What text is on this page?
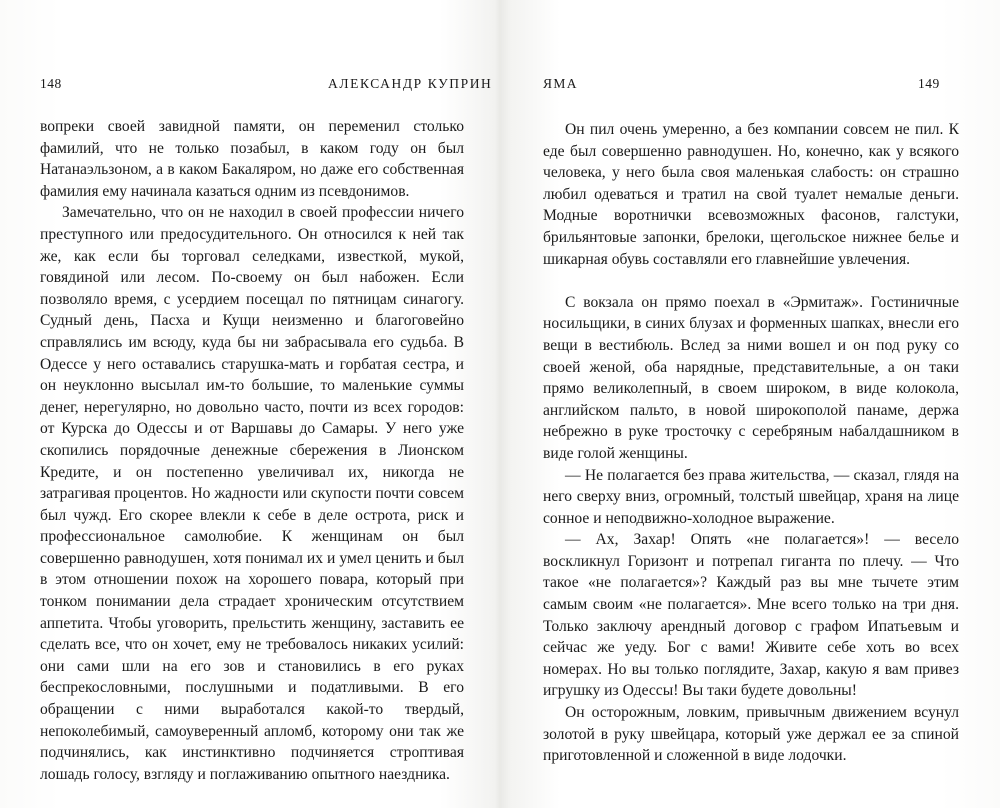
148	АЛЕКСАНДР КУПРИН

вопреки своей завидной памяти, он переменил столько фамилий, что не только позабыл, в каком году он был Натанаэльзоном, а в каком Бакаляром, но даже его собственная фамилия ему начинала казаться одним из псевдонимов.

Замечательно, что он не находил в своей профессии ничего преступного или предосудительного. Он относился к ней так же, как если бы торговал селедками, известкой, мукой, говядиной или лесом. По-своему он был набожен. Если позволяло время, с усердием посещал по пятницам синагогу. Судный день, Пасха и Кущи неизменно и благоговейно справлялись им всюду, куда бы ни забрасывала его судьба. В Одессе у него оставались старушка-мать и горбатая сестра, и он неуклонно высылал им-то большие, то маленькие суммы денег, нерегулярно, но довольно часто, почти из всех городов: от Курска до Одессы и от Варшавы до Самары. У него уже скопились порядочные денежные сбережения в Лионском Кредите, и он постепенно увеличивал их, никогда не затрагивая процентов. Но жадности или скупости почти совсем был чужд. Его скорее влекли к себе в деле острота, риск и профессиональное самолюбие. К женщинам он был совершенно равнодушен, хотя понимал их и умел ценить и был в этом отношении похож на хорошего повара, который при тонком понимании дела страдает хроническим отсутствием аппетита. Чтобы уговорить, прельстить женщину, заставить ее сделать все, что он хочет, ему не требовалось никаких усилий: они сами шли на его зов и становились в его руках беспрекословными, послушными и податливыми. В его обращении с ними выработался какой-то твердый, непоколебимый, самоуверенный апломб, которому они так же подчинялись, как инстинктивно подчиняется строптивая лошадь голосу, взгляду и поглаживанию опытного наездника.

ЯМА	149

Он пил очень умеренно, а без компании совсем не пил. К еде был совершенно равнодушен. Но, конечно, как у всякого человека, у него была своя маленькая слабость: он страшно любил одеваться и тратил на свой туалет немалые деньги. Модные воротнички всевозможных фасонов, галстуки, брильянтовые запонки, брелоки, щегольское нижнее белье и шикарная обувь составляли его главнейшие увлечения.

С вокзала он прямо поехал в «Эрмитаж». Гостиничные носильщики, в синих блузах и форменных шапках, внесли его вещи в вестибюль. Вслед за ними вошел и он под руку со своей женой, оба нарядные, представительные, а он таки прямо великолепный, в своем широком, в виде колокола, английском пальто, в новой широкополой панаме, держа небрежно в руке тросточку с серебряным набалдашником в виде голой женщины.

— Не полагается без права жительства, — сказал, глядя на него сверху вниз, огромный, толстый швейцар, храня на лице сонное и неподвижно-холодное выражение.

— Ах, Захар! Опять «не полагается»! — весело воскликнул Горизонт и потрепал гиганта по плечу. — Что такое «не полагается»? Каждый раз вы мне тычете этим самым своим «не полагается». Мне всего только на три дня. Только заключу арендный договор с графом Ипатьевым и сейчас же уеду. Бог с вами! Живите себе хоть во всех номерах. Но вы только поглядите, Захар, какую я вам привез игрушку из Одессы! Вы таки будете довольны!

Он осторожным, ловким, привычным движением всунул золотой в руку швейцара, который уже держал ее за спиной приготовленной и сложенной в виде лодочки.
